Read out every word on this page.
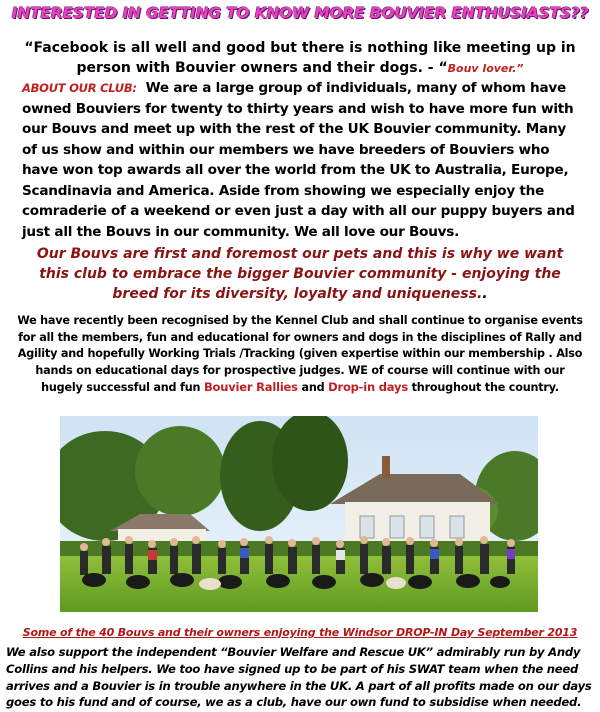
INTERESTED IN GETTING TO KNOW MORE BOUVIER ENTHUSIASTS??
“Facebook is all well and good but there is nothing like meeting up in person with Bouvier owners and their dogs. - “Bouv lover.”
ABOUT OUR CLUB: We are a large group of individuals, many of whom have owned Bouviers for twenty to thirty years and wish to have more fun with our Bouvs and meet up with the rest of the UK Bouvier community. Many of us show and within our members we have breeders of Bouviers who have won top awards all over the world from the UK to Australia, Europe, Scandinavia and America. Aside from showing we especially enjoy the comraderie of a weekend or even just a day with all our puppy buyers and just all the Bouvs in our community. We all love our Bouvs.
Our Bouvs are first and foremost our pets and this is why we want this club to embrace the bigger Bouvier community - enjoying the breed for its diversity, loyalty and uniqueness..
We have recently been recognised by the Kennel Club and shall continue to organise events for all the members, fun and educational for owners and dogs in the disciplines of Rally and Agility and hopefully Working Trials /Tracking (given expertise within our membership . Also hands on educational days for prospective judges. WE of course will continue with our hugely successful and fun Bouvier Rallies and Drop-in days throughout the country.
Some of the 40 Bouvs and their owners enjoying the Windsor DROP-IN Day September 2013
We also support the independent “Bouvier Welfare and Rescue UK” admirably run by Andy Collins and his helpers. We too have signed up to be part of his SWAT team when the need arrives and a Bouvier is in trouble anywhere in the UK. A part of all profits made on our days goes to his fund and of course, we as a club, have our own fund to subsidise when needed.
